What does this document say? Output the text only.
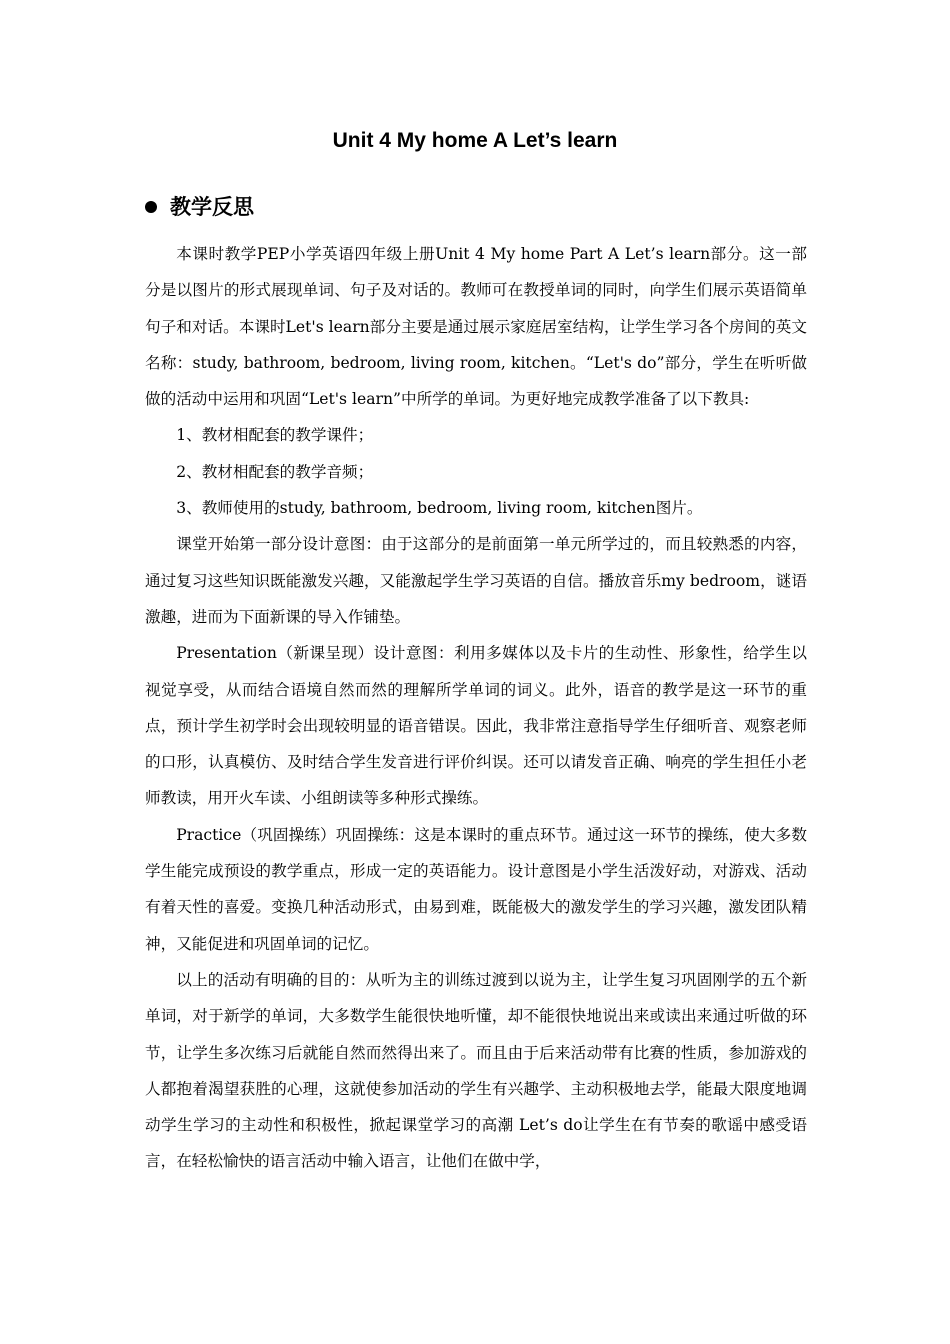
Unit 4 My home A Let’s learn
教学反思

本课时教学PEP小学英语四年级上册Unit 4 My home Part A Let’s learn部分。这一部分是以图片的形式展现单词、句子及对话的。教师可在教授单词的同时，向学生们展示英语简单句子和对话。本课时Let's learn部分主要是通过展示家庭居室结构，让学生学习各个房间的英文名称：study, bathroom, bedroom, living room, kitchen。“Let's do”部分，学生在听听做做的活动中运用和巩固“Let's learn”中所学的单词。为更好地完成教学准备了以下教具:

1、教材相配套的教学课件；

2、教材相配套的教学音频；

3、教师使用的study, bathroom, bedroom, living room, kitchen图片。

课堂开始第一部分设计意图：由于这部分的是前面第一单元所学过的，而且较熟悉的内容，通过复习这些知识既能激发兴趣，又能激起学生学习英语的自信。播放音乐my bedroom，谜语激趣，进而为下面新课的导入作铺垫。

Presentation（新课呈现）设计意图：利用多媒体以及卡片的生动性、形象性，给学生以视觉享受，从而结合语境自然而然的理解所学单词的词义。此外，语音的教学是这一环节的重点，预计学生初学时会出现较明显的语音错误。因此，我非常注意指导学生仔细听音、观察老师的口形，认真模仿、及时结合学生发音进行评价纠误。还可以请发音正确、响亮的学生担任小老师教读，用开火车读、小组朗读等多种形式操练。

Practice（巩固操练）巩固操练：这是本课时的重点环节。通过这一环节的操练，使大多数学生能完成预设的教学重点，形成一定的英语能力。设计意图是小学生活泼好动，对游戏、活动有着天性的喜爱。变换几种活动形式，由易到难，既能极大的激发学生的学习兴趣，激发团队精神，又能促进和巩固单词的记忆。

以上的活动有明确的目的：从听为主的训练过渡到以说为主，让学生复习巩固刚学的五个新单词，对于新学的单词，大多数学生能很快地听懂，却不能很快地说出来或读出来通过听做的环节，让学生多次练习后就能自然而然得出来了。而且由于后来活动带有比赛的性质，参加游戏的人都抱着渴望获胜的心理，这就使参加活动的学生有兴趣学、主动积极地去学，能最大限度地调动学生学习的主动性和积极性，掀起课堂学习的高潮 Let’s do让学生在有节奏的歌谣中感受语言，在轻松愉快的语言活动中输入语言，让他们在做中学，
